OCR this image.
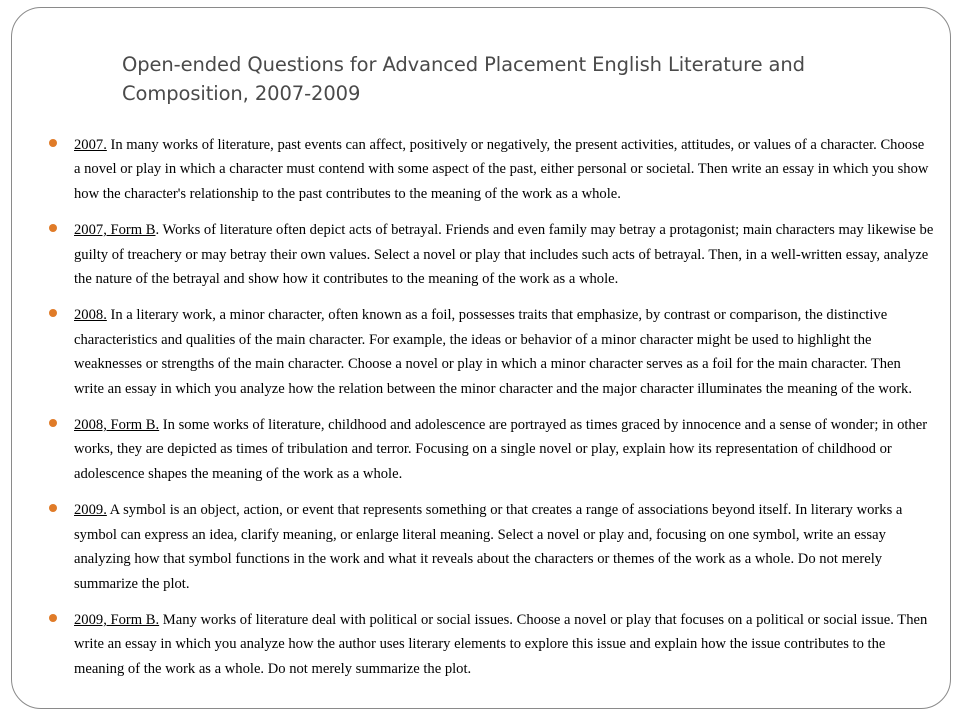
Open-ended Questions for Advanced Placement English Literature and Composition, 2007-2009
2007. In many works of literature, past events can affect, positively or negatively, the present activities, attitudes, or values of a character. Choose a novel or play in which a character must contend with some aspect of the past, either personal or societal. Then write an essay in which you show how the character's relationship to the past contributes to the meaning of the work as a whole.
2007, Form B. Works of literature often depict acts of betrayal. Friends and even family may betray a protagonist; main characters may likewise be guilty of treachery or may betray their own values. Select a novel or play that includes such acts of betrayal. Then, in a well-written essay, analyze the nature of the betrayal and show how it contributes to the meaning of the work as a whole.
2008. In a literary work, a minor character, often known as a foil, possesses traits that emphasize, by contrast or comparison, the distinctive characteristics and qualities of the main character. For example, the ideas or behavior of a minor character might be used to highlight the weaknesses or strengths of the main character. Choose a novel or play in which a minor character serves as a foil for the main character. Then write an essay in which you analyze how the relation between the minor character and the major character illuminates the meaning of the work.
2008, Form B. In some works of literature, childhood and adolescence are portrayed as times graced by innocence and a sense of wonder; in other works, they are depicted as times of tribulation and terror. Focusing on a single novel or play, explain how its representation of childhood or adolescence shapes the meaning of the work as a whole.
2009. A symbol is an object, action, or event that represents something or that creates a range of associations beyond itself. In literary works a symbol can express an idea, clarify meaning, or enlarge literal meaning. Select a novel or play and, focusing on one symbol, write an essay analyzing how that symbol functions in the work and what it reveals about the characters or themes of the work as a whole. Do not merely summarize the plot.
2009, Form B. Many works of literature deal with political or social issues. Choose a novel or play that focuses on a political or social issue. Then write an essay in which you analyze how the author uses literary elements to explore this issue and explain how the issue contributes to the meaning of the work as a whole. Do not merely summarize the plot.
